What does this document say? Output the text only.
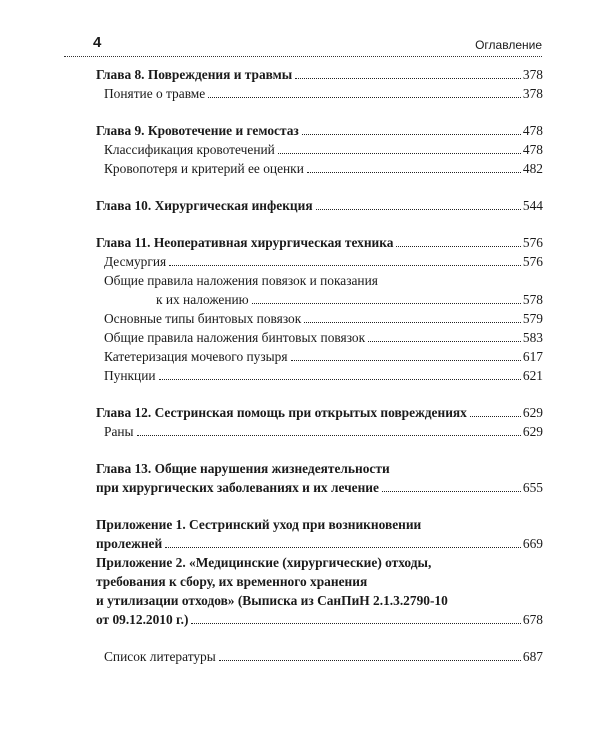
4	Оглавление
Глава 8. Повреждения и травмы	378
Понятие о травме	378
Глава 9. Кровотечение и гемостаз	478
Классификация кровотечений	478
Кровопотеря и критерий ее оценки	482
Глава 10. Хирургическая инфекция	544
Глава 11. Неоперативная хирургическая техника	576
Десмургия	576
Общие правила наложения повязок и показания
к их наложению	578
Основные типы бинтовых повязок	579
Общие правила наложения бинтовых повязок	583
Катетеризация мочевого пузыря	617
Пункции	621
Глава 12. Сестринская помощь при открытых повреждениях	629
Раны	629
Глава 13. Общие нарушения жизнедеятельности
при хирургических заболеваниях и их лечение	655
Приложение 1. Сестринский уход при возникновении
пролежней	669
Приложение 2. «Медицинские (хирургические) отходы,
требования к сбору, их временного хранения
и утилизации отходов» (Выписка из СанПиН 2.1.3.2790-10
от 09.12.2010 г.)	678
Список литературы	687
